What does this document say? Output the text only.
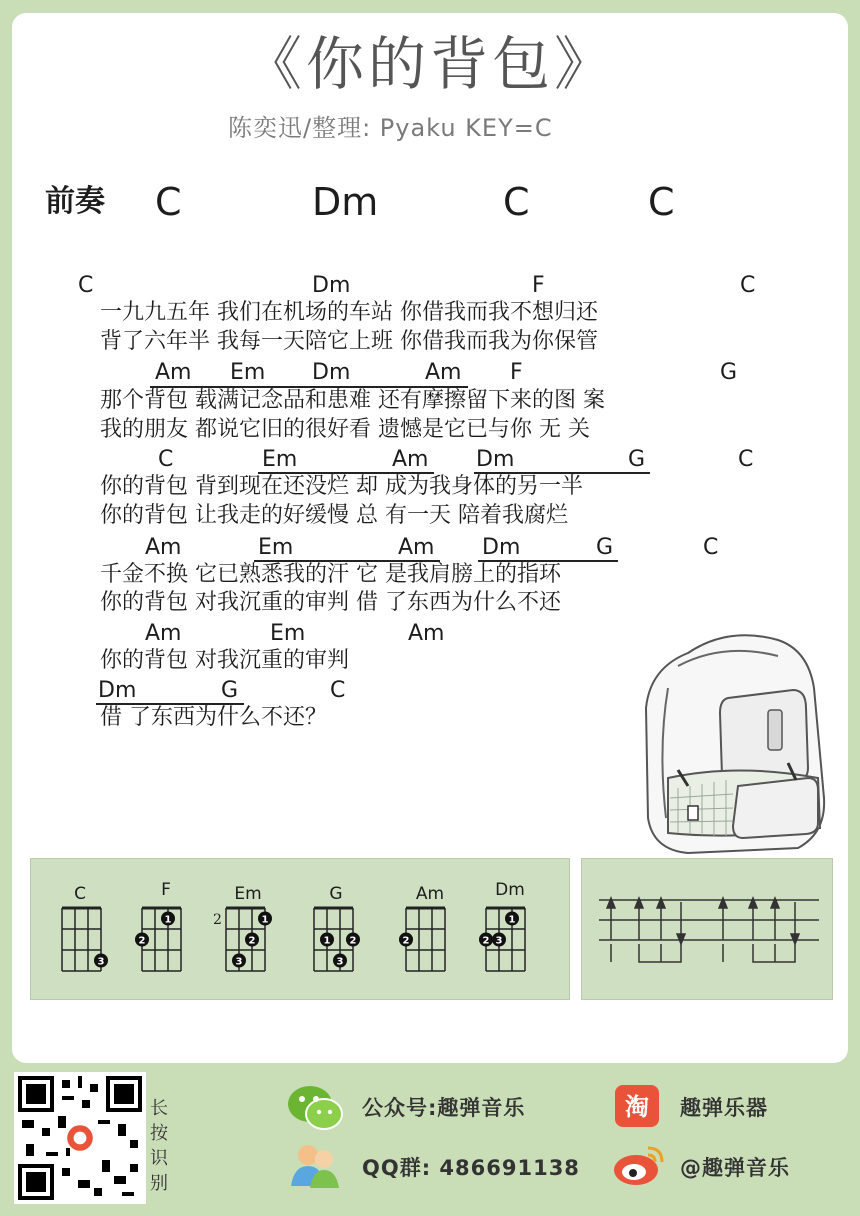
《你的背包》
陈奕迅/整理: Pyaku KEY=C
前奏 C	Dm	C	C
C	Dm	F	C
一九九五年 我们在机场的车站 你借我而我不想归还
背了六年半 我每一天陪它上班 你借我而我为你保管
Am Em Dm	Am F	G
那个背包 载满记念品和患难 还有摩擦留下来的图 案
我的朋友 都说它旧的很好看 遗憾是它已与你 无 关
C	Em	Am Dm	G	C
你的背包 背到现在还没烂 却 成为我身体的另一半
你的背包 让我走的好缓慢 总 有一天 陪着我腐烂
Am	Em	Am Dm	G	C
千金不换 它已熟悉我的汗 它 是我肩膀上的指环
你的背包 对我沉重的审判 借 了东西为什么不还
Am	Em	Am
你的背包 对我沉重的审判
Dm	G	C
借 了东西为什么不还？
3
1
2
1
2
3
1 2
3
2
1
2 3
C	F	Em	G	Am	Dm
2
长按识别
公众号:趣弹音乐
QQ群: 486691138
淘 趣弹乐器
@趣弹音乐
